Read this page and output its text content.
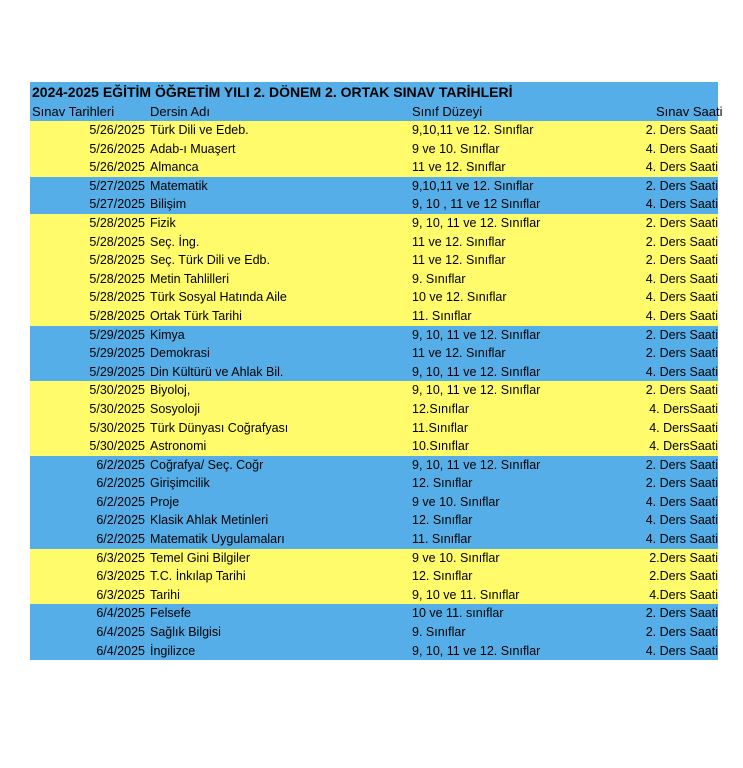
2024-2025 EĞİTİM ÖĞRETİM YILI 2. DÖNEM 2. ORTAK SINAV TARİHLERİ
Sınav Tarihleri	Dersin Adı	Sınıf Düzeyi	Sınav Saati
5/26/2025 Türk Dili ve Edeb.	9,10,11 ve 12. Sınıflar	2. Ders Saati
5/26/2025 Adab-ı Muaşert	9 ve 10. Sınıflar	4. Ders Saati
5/26/2025 Almanca	11 ve 12. Sınıflar	4. Ders Saati
5/27/2025 Matematik	9,10,11 ve 12. Sınıflar	2. Ders Saati
5/27/2025 Bilişim	9, 10 , 11 ve 12 Sınıflar	4. Ders Saati
5/28/2025 Fizik	9, 10, 11 ve 12. Sınıflar	2. Ders Saati
5/28/2025 Seç. İng.	11 ve 12. Sınıflar	2. Ders Saati
5/28/2025 Seç. Türk Dili ve Edb.	11 ve 12. Sınıflar	2. Ders Saati
5/28/2025 Metin Tahlilleri	9. Sınıflar	4. Ders Saati
5/28/2025 Türk Sosyal Hatında Aile	10 ve 12. Sınıflar	4. Ders Saati
5/28/2025 Ortak Türk Tarihi	11. Sınıflar	4. Ders Saati
5/29/2025 Kimya	9, 10, 11 ve 12. Sınıflar	2. Ders Saati
5/29/2025 Demokrasi	11 ve 12. Sınıflar	2. Ders Saati
5/29/2025 Din Kültürü ve Ahlak Bil.	9, 10, 11 ve 12. Sınıflar	4. Ders Saati
5/30/2025 Biyoloj,	9, 10, 11 ve 12. Sınıflar	2. Ders Saati
5/30/2025 Sosyoloji	12.Sınıflar	4. DersSaati
5/30/2025 Türk Dünyası Coğrafyası	11.Sınıflar	4. DersSaati
5/30/2025 Astronomi	10.Sınıflar	4. DersSaati
6/2/2025 Coğrafya/ Seç. Coğr	9, 10, 11 ve 12. Sınıflar	2. Ders Saati
6/2/2025 Girişimcilik	12. Sınıflar	2. Ders Saati
6/2/2025 Proje	9 ve 10. Sınıflar	4. Ders Saati
6/2/2025 Klasik Ahlak Metinleri	12. Sınıflar	4. Ders Saati
6/2/2025 Matematik Uygulamaları	11. Sınıflar	4. Ders Saati
6/3/2025 Temel Gini Bilgiler	9 ve 10. Sınıflar	2.Ders Saati
6/3/2025 T.C. İnkılap Tarihi	12. Sınıflar	2.Ders Saati
6/3/2025 Tarihi	9, 10 ve 11. Sınıflar	4.Ders Saati
6/4/2025 Felsefe	10 ve 11. sınıflar	2. Ders Saati
6/4/2025 Sağlık Bilgisi	9. Sınıflar	2. Ders Saati
6/4/2025 İngilizce	9, 10, 11 ve 12. Sınıflar	4. Ders Saati
